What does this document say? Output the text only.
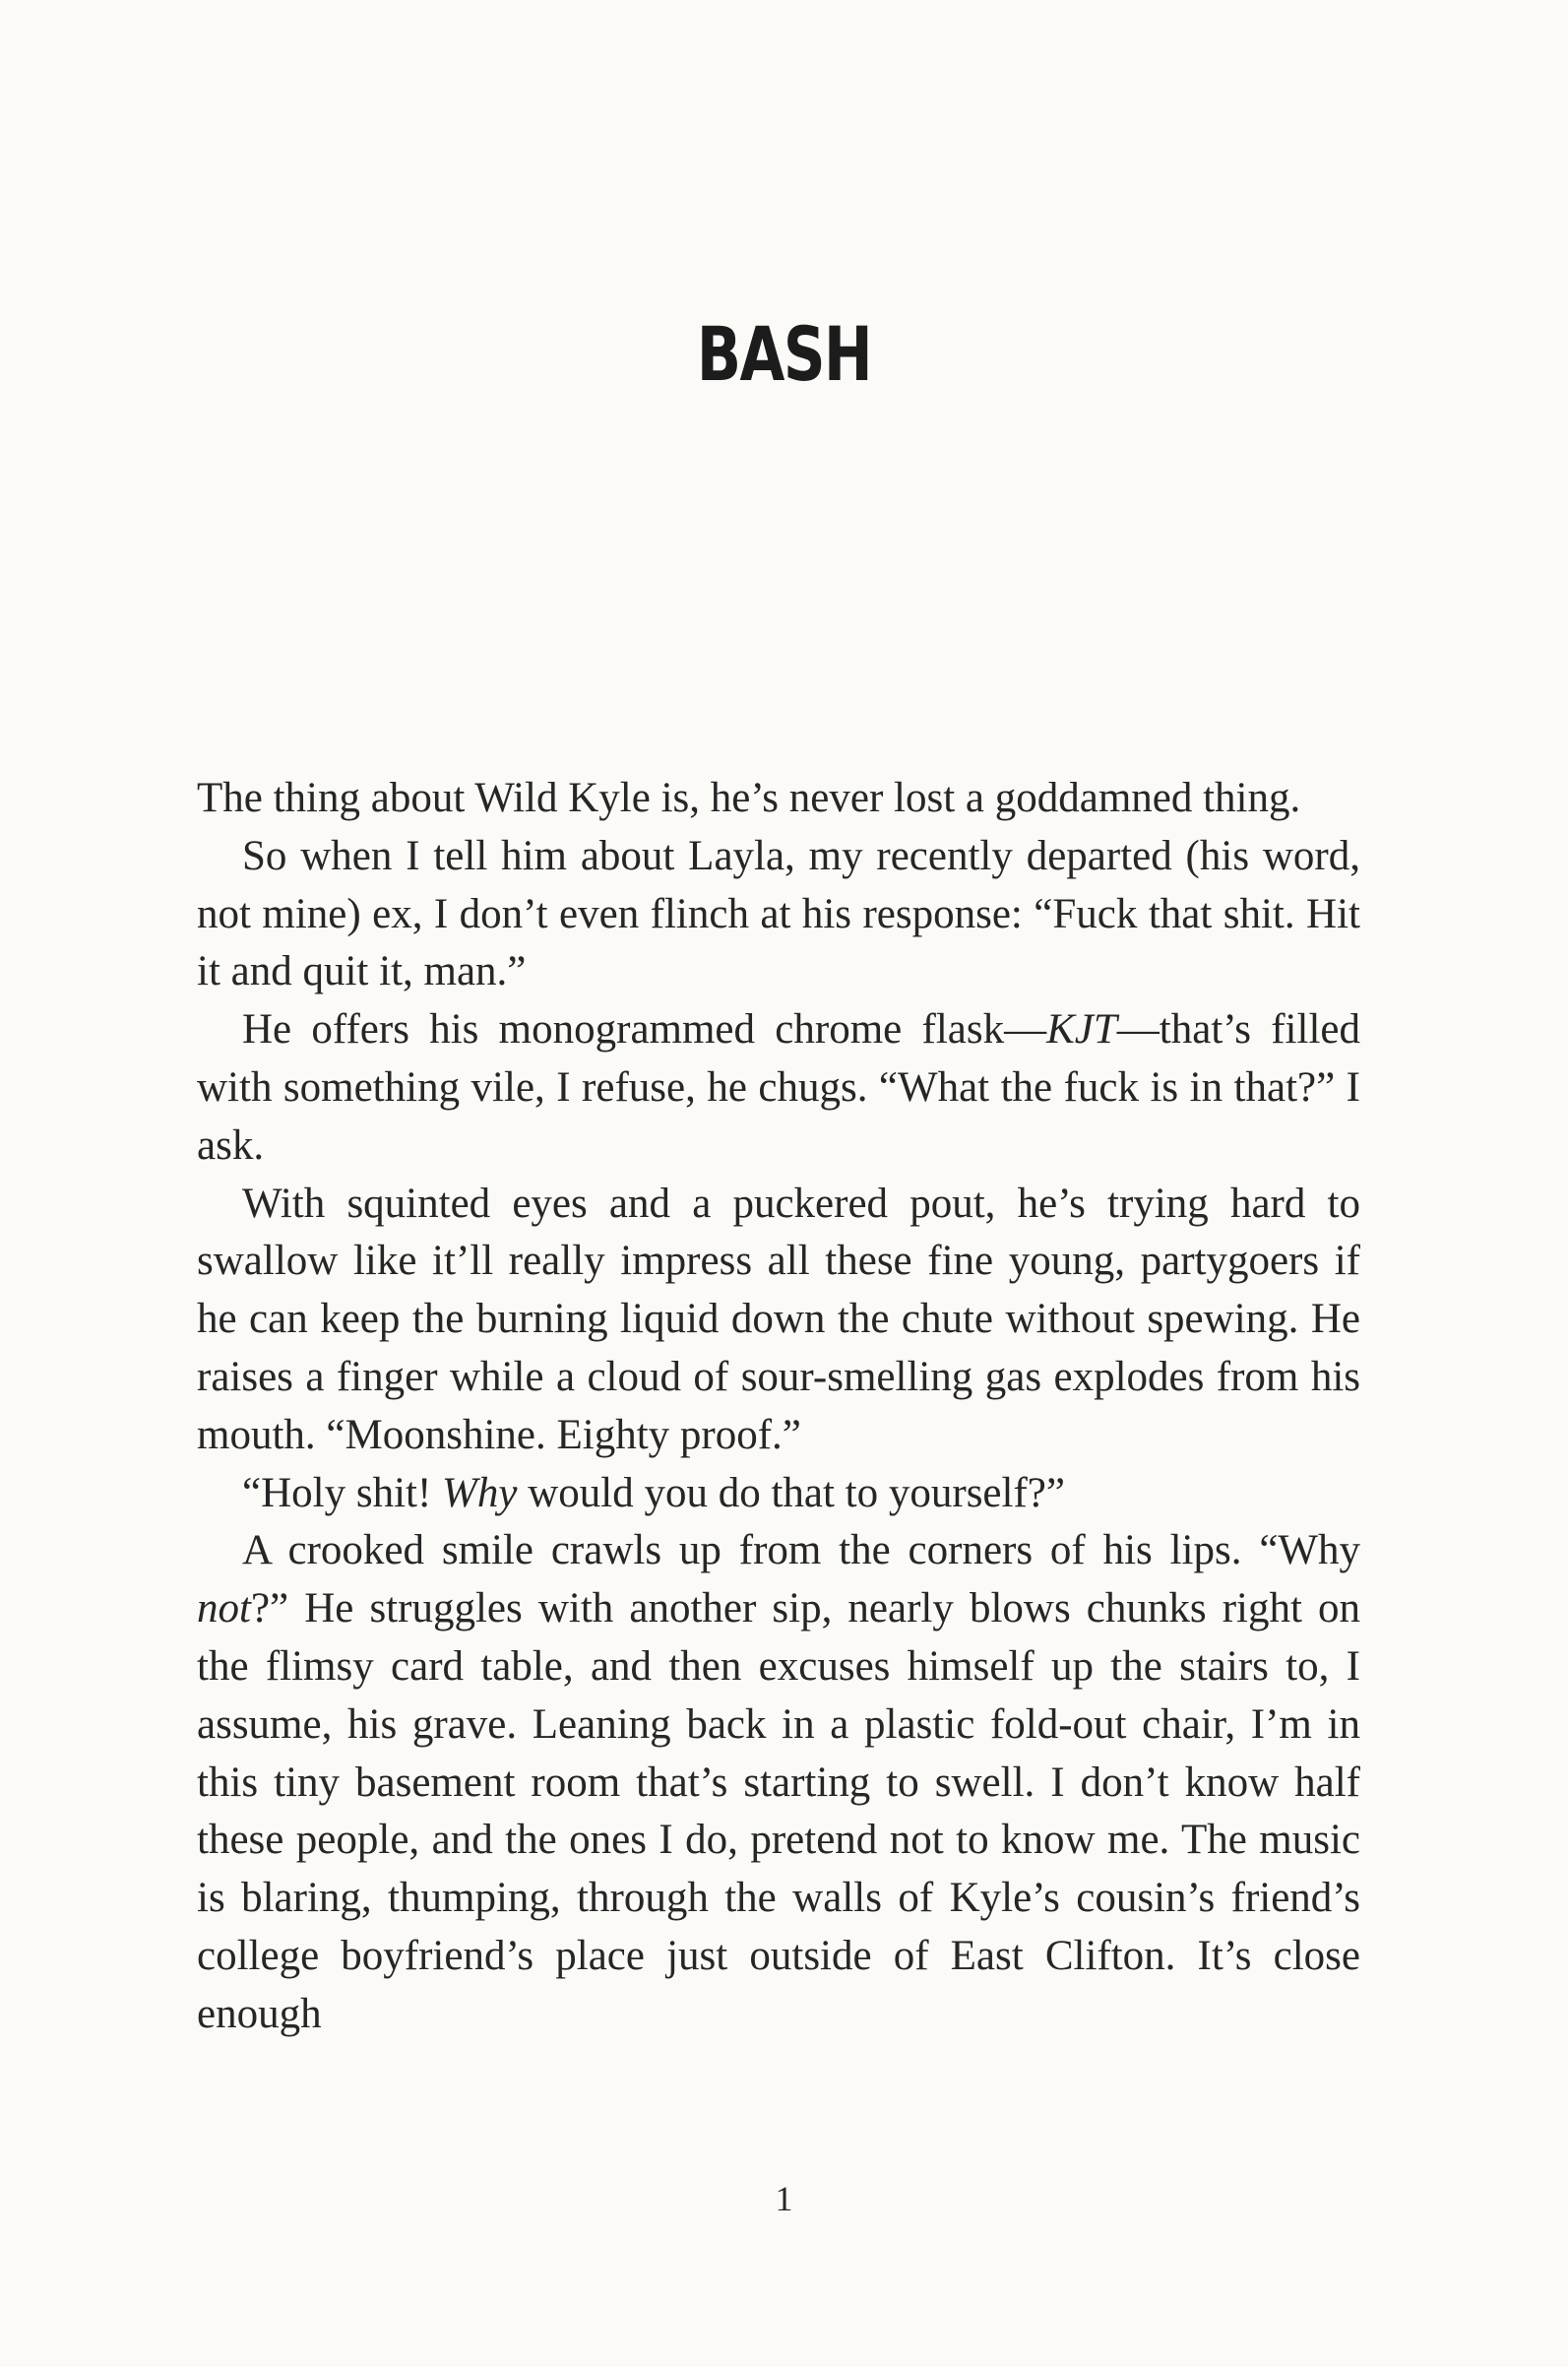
BASH

The thing about Wild Kyle is, he’s never lost a goddamned thing.

So when I tell him about Layla, my recently departed (his word, not mine) ex, I don’t even flinch at his response: “Fuck that shit. Hit it and quit it, man.”

He offers his monogrammed chrome flask—KJT—that’s filled with something vile, I refuse, he chugs. “What the fuck is in that?” I ask.

With squinted eyes and a puckered pout, he’s trying hard to swallow like it’ll really impress all these fine young, partygoers if he can keep the burning liquid down the chute without spewing. He raises a finger while a cloud of sour-smelling gas explodes from his mouth. “Moonshine. Eighty proof.”

“Holy shit! Why would you do that to yourself?”

A crooked smile crawls up from the corners of his lips. “Why not?” He struggles with another sip, nearly blows chunks right on the flimsy card table, and then excuses himself up the stairs to, I assume, his grave. Leaning back in a plastic fold-out chair, I’m in this tiny basement room that’s starting to swell. I don’t know half these people, and the ones I do, pretend not to know me. The music is blaring, thumping, through the walls of Kyle’s cousin’s friend’s college boyfriend’s place just outside of East Clifton. It’s close enough

1
